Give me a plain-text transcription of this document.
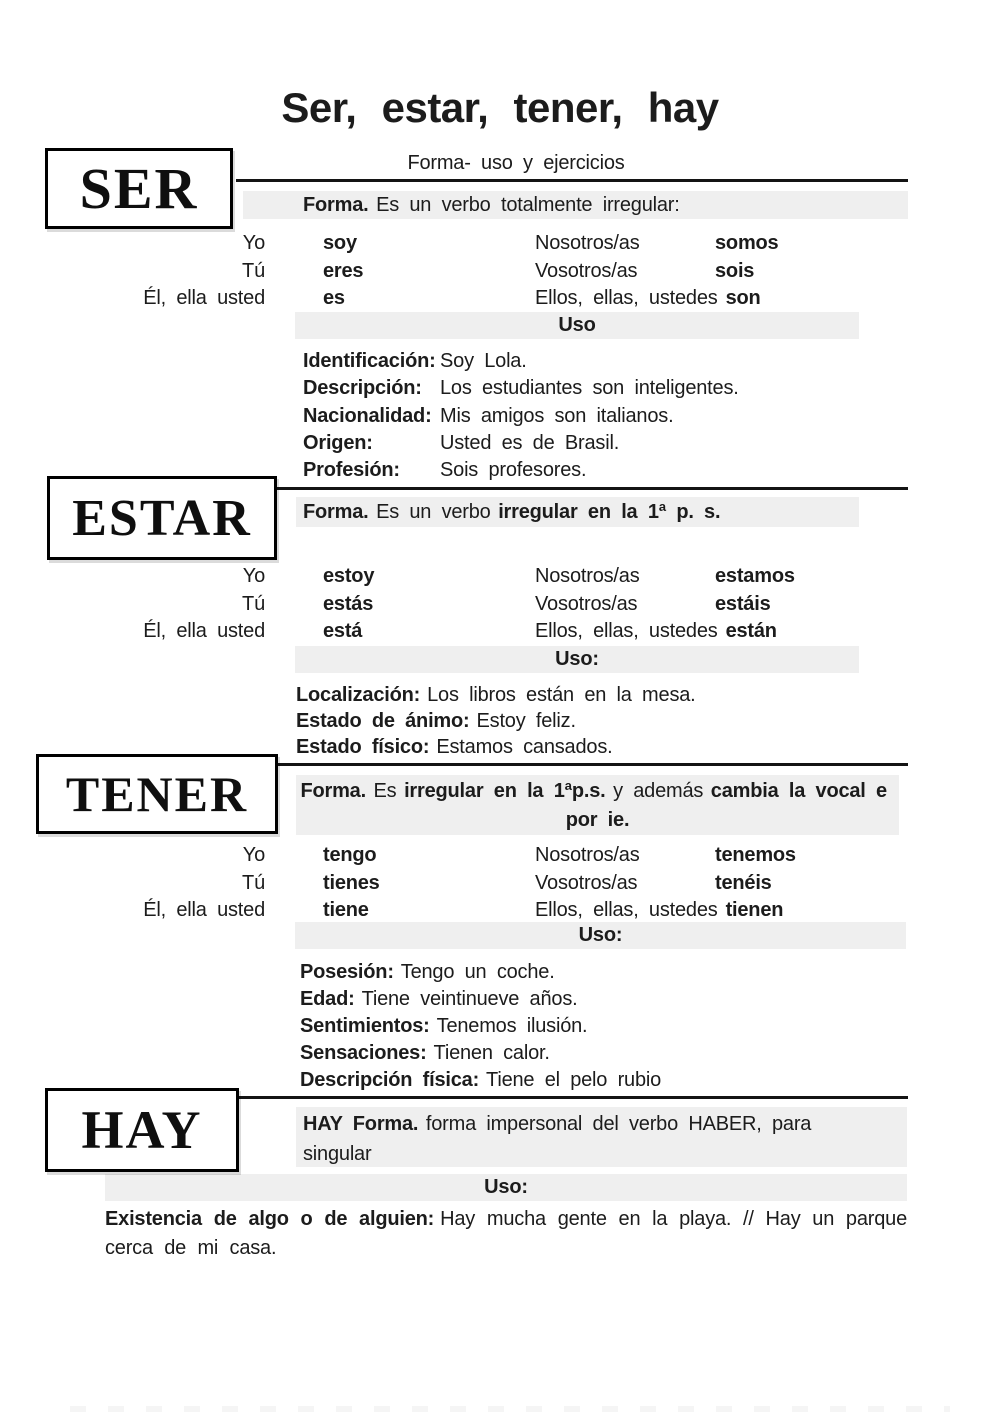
Ser, estar, tener, hay
Forma- uso y ejercicios
SER	Forma. Es un verbo totalmente irregular:
Yo	soy	Nosotros/as	somos
Tú	eres	Vosotros/as	sois
Él, ella usted	es	Ellos, ellas, ustedes son
Uso
Identificación: Soy Lola.
Descripción: Los estudiantes son inteligentes.
Nacionalidad: Mis amigos son italianos.
Origen:	Usted es de Brasil.
Profesión:	Sois profesores.
ESTAR	Forma. Es un verbo irregular en la 1ª p. s.
Yo	estoy	Nosotros/as	estamos
Tú	estás	Vosotros/as	estáis
Él, ella usted	está	Ellos, ellas, ustedes están
Uso:
Localización: Los libros están en la mesa.
Estado de ánimo: Estoy feliz.
Estado físico: Estamos cansados.
TENER	Forma. Es irregular en la 1ªp.s. y además cambia la vocal e
por ie.
Yo	tengo	Nosotros/as	tenemos
Tú	tienes	Vosotros/as	tenéis
Él, ella usted	tiene	Ellos, ellas, ustedes tienen
Uso:
Posesión: Tengo un coche.
Edad: Tiene veintinueve años.
Sentimientos: Tenemos ilusión.
Sensaciones: Tienen calor.
Descripción física: Tiene el pelo rubio
HAY	HAY Forma. forma impersonal del verbo HABER, para singular

Uso:
Existencia de algo o de alguien: Hay mucha gente en la playa. // Hay un parque cerca de mi casa.
